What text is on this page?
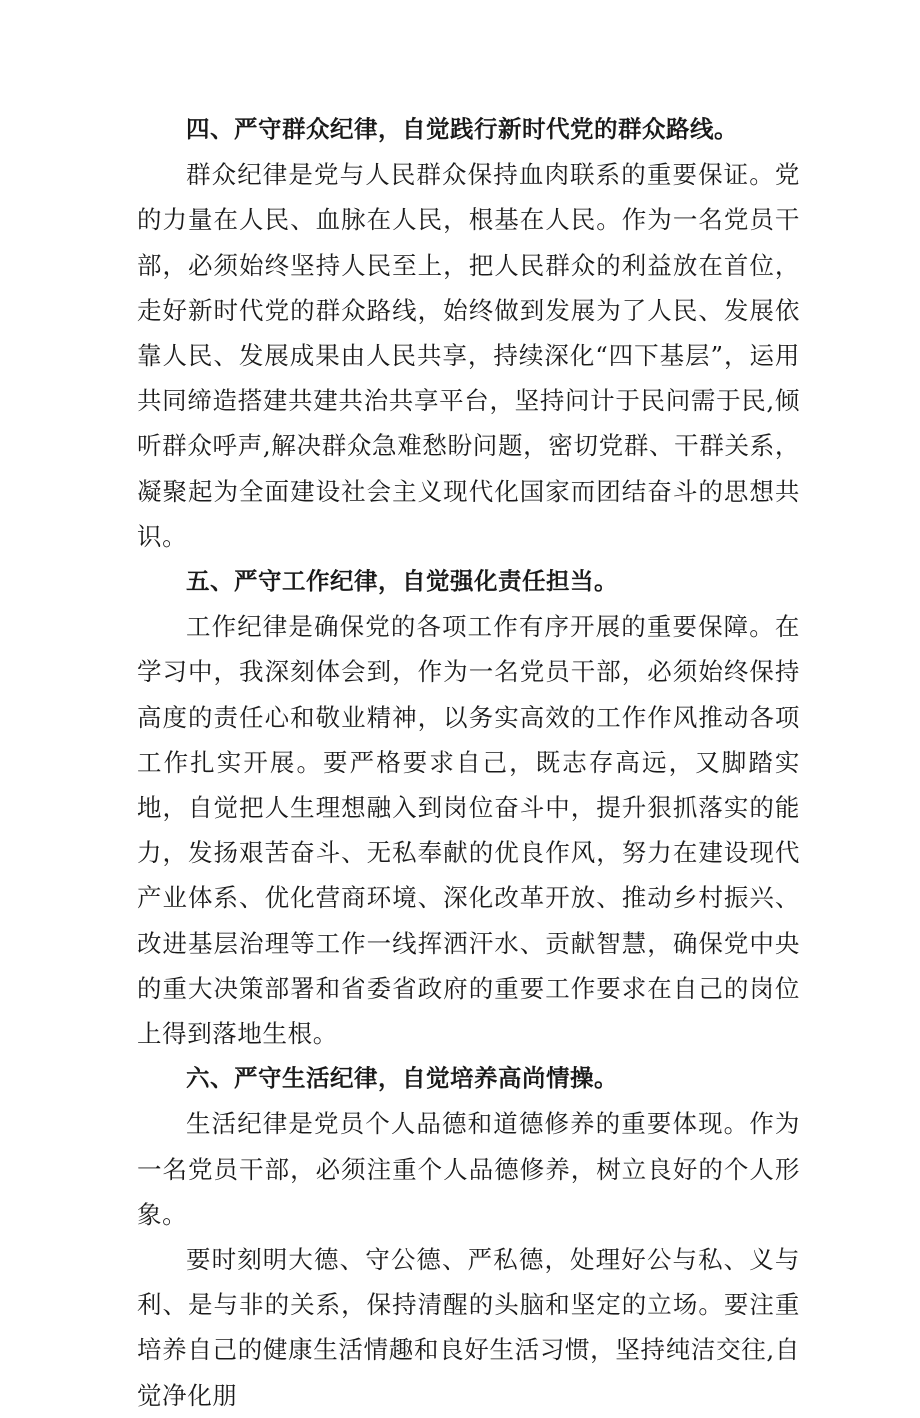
四、严守群众纪律，自觉践行新时代党的群众路线。

群众纪律是党与人民群众保持血肉联系的重要保证。党的力量在人民、血脉在人民，根基在人民。作为一名党员干部，必须始终坚持人民至上，把人民群众的利益放在首位，走好新时代党的群众路线，始终做到发展为了人民、发展依靠人民、发展成果由人民共享，持续深化“四下基层”，运用共同缔造搭建共建共治共享平台，坚持问计于民问需于民,倾听群众呼声,解决群众急难愁盼问题，密切党群、干群关系，凝聚起为全面建设社会主义现代化国家而团结奋斗的思想共识。

五、严守工作纪律，自觉强化责任担当。

工作纪律是确保党的各项工作有序开展的重要保障。在学习中，我深刻体会到，作为一名党员干部，必须始终保持高度的责任心和敬业精神，以务实高效的工作作风推动各项工作扎实开展。要严格要求自己，既志存高远，又脚踏实地，自觉把人生理想融入到岗位奋斗中，提升狠抓落实的能力，发扬艰苦奋斗、无私奉献的优良作风，努力在建设现代产业体系、优化营商环境、深化改革开放、推动乡村振兴、改进基层治理等工作一线挥洒汗水、贡献智慧，确保党中央的重大决策部署和省委省政府的重要工作要求在自己的岗位上得到落地生根。

六、严守生活纪律，自觉培养高尚情操。

生活纪律是党员个人品德和道德修养的重要体现。作为一名党员干部，必须注重个人品德修养，树立良好的个人形象。

要时刻明大德、守公德、严私德，处理好公与私、义与利、是与非的关系，保持清醒的头脑和坚定的立场。要注重培养自己的健康生活情趣和良好生活习惯，坚持纯洁交往,自觉净化朋
